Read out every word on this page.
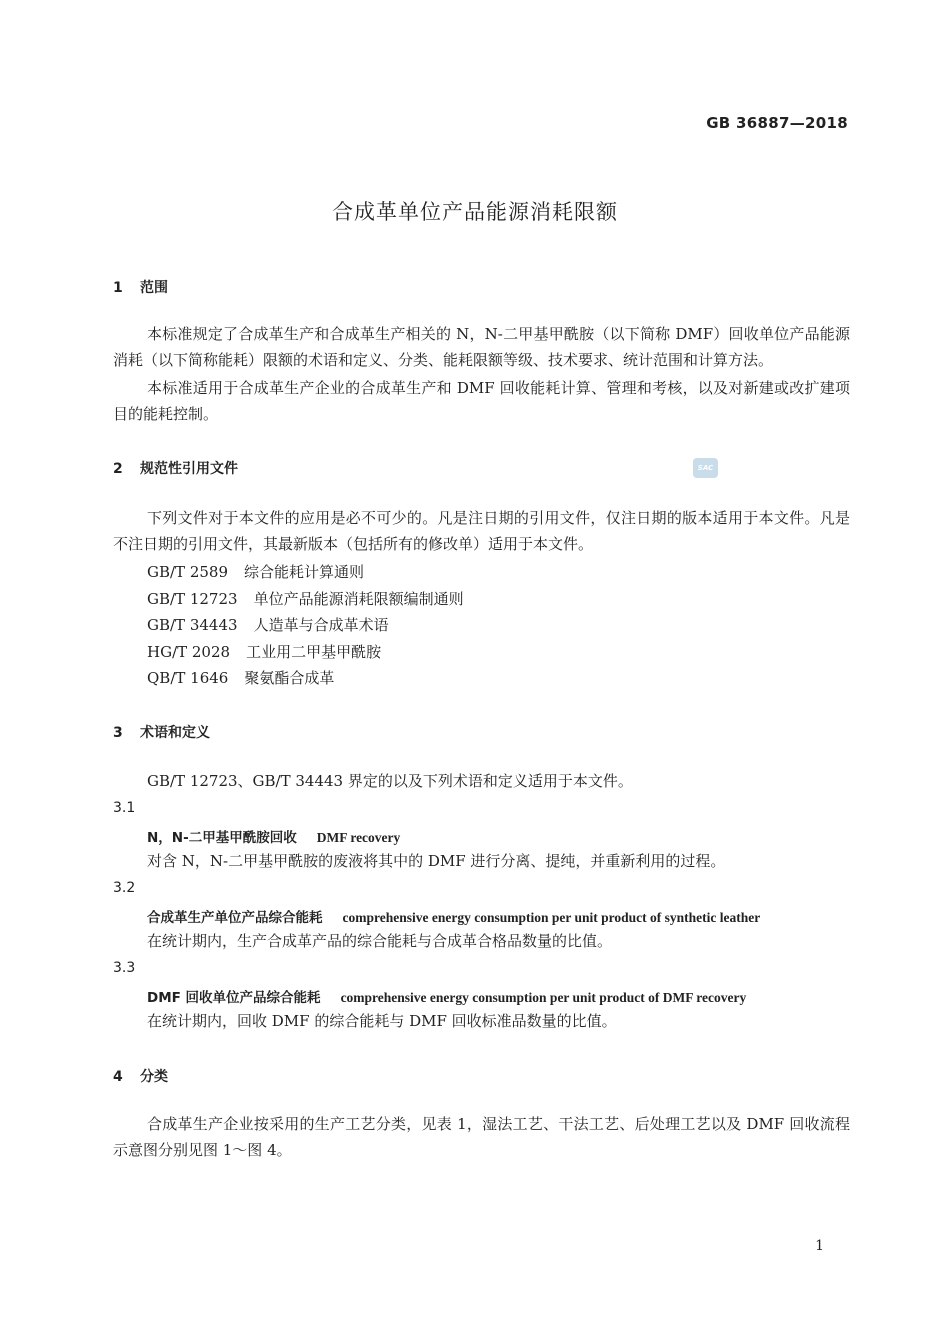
GB 36887—2018
合成革单位产品能源消耗限额
1 范围

本标准规定了合成革生产和合成革生产相关的 N，N-二甲基甲酰胺（以下简称 DMF）回收单位产品能源消耗（以下简称能耗）限额的术语和定义、分类、能耗限额等级、技术要求、统计范围和计算方法。

本标准适用于合成革生产企业的合成革生产和 DMF 回收能耗计算、管理和考核，以及对新建或改扩建项目的能耗控制。

2 规范性引用文件	SAC

下列文件对于本文件的应用是必不可少的。凡是注日期的引用文件，仅注日期的版本适用于本文件。凡是不注日期的引用文件，其最新版本（包括所有的修改单）适用于本文件。

GB/T 2589 综合能耗计算通则
GB/T 12723 单位产品能源消耗限额编制通则
GB/T 34443 人造革与合成革术语
HG/T 2028 工业用二甲基甲酰胺
QB/T 1646 聚氨酯合成革
3 术语和定义

GB/T 12723、GB/T 34443 界定的以及下列术语和定义适用于本文件。

3.1
N，N-二甲基甲酰胺回收 DMF recovery
对含 N，N-二甲基甲酰胺的废液将其中的 DMF 进行分离、提纯，并重新利用的过程。
3.2
合成革生产单位产品综合能耗 comprehensive energy consumption per unit product of synthetic leather
在统计期内，生产合成革产品的综合能耗与合成革合格品数量的比值。
3.3
DMF 回收单位产品综合能耗 comprehensive energy consumption per unit product of DMF recovery
在统计期内，回收 DMF 的综合能耗与 DMF 回收标准品数量的比值。
4 分类

合成革生产企业按采用的生产工艺分类，见表 1，湿法工艺、干法工艺、后处理工艺以及 DMF 回收流程示意图分别见图 1～图 4。

1
